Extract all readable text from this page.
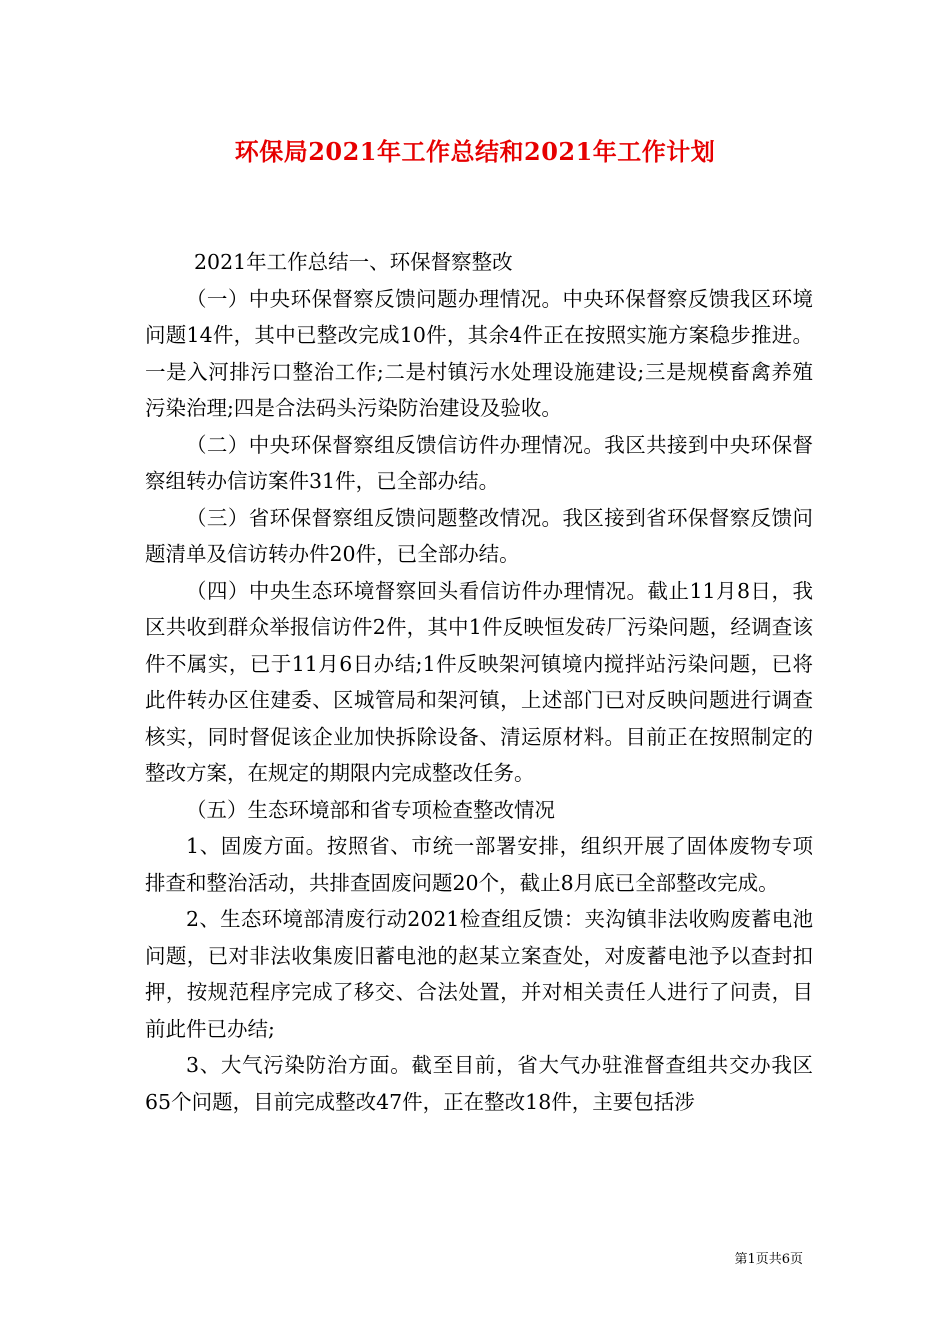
环保局2021年工作总结和2021年工作计划

2021年工作总结一、环保督察整改

（一）中央环保督察反馈问题办理情况。中央环保督察反馈我区环境问题14件，其中已整改完成10件，其余4件正在按照实施方案稳步推进。一是入河排污口整治工作;二是村镇污水处理设施建设;三是规模畜禽养殖污染治理;四是合法码头污染防治建设及验收。

（二）中央环保督察组反馈信访件办理情况。我区共接到中央环保督察组转办信访案件31件，已全部办结。

（三）省环保督察组反馈问题整改情况。我区接到省环保督察反馈问题清单及信访转办件20件，已全部办结。

（四）中央生态环境督察回头看信访件办理情况。截止11月8日，我区共收到群众举报信访件2件，其中1件反映恒发砖厂污染问题，经调查该件不属实，已于11月6日办结;1件反映架河镇境内搅拌站污染问题，已将此件转办区住建委、区城管局和架河镇，上述部门已对反映问题进行调查核实，同时督促该企业加快拆除设备、清运原材料。目前正在按照制定的整改方案，在规定的期限内完成整改任务。

（五）生态环境部和省专项检查整改情况

1、固废方面。按照省、市统一部署安排，组织开展了固体废物专项排查和整治活动，共排查固废问题20个，截止8月底已全部整改完成。

2、生态环境部清废行动2021检查组反馈：夹沟镇非法收购废蓄电池问题，已对非法收集废旧蓄电池的赵某立案查处，对废蓄电池予以查封扣押，按规范程序完成了移交、合法处置，并对相关责任人进行了问责，目前此件已办结;

3、大气污染防治方面。截至目前，省大气办驻淮督查组共交办我区65个问题，目前完成整改47件，正在整改18件，主要包括涉

第1页共6页
